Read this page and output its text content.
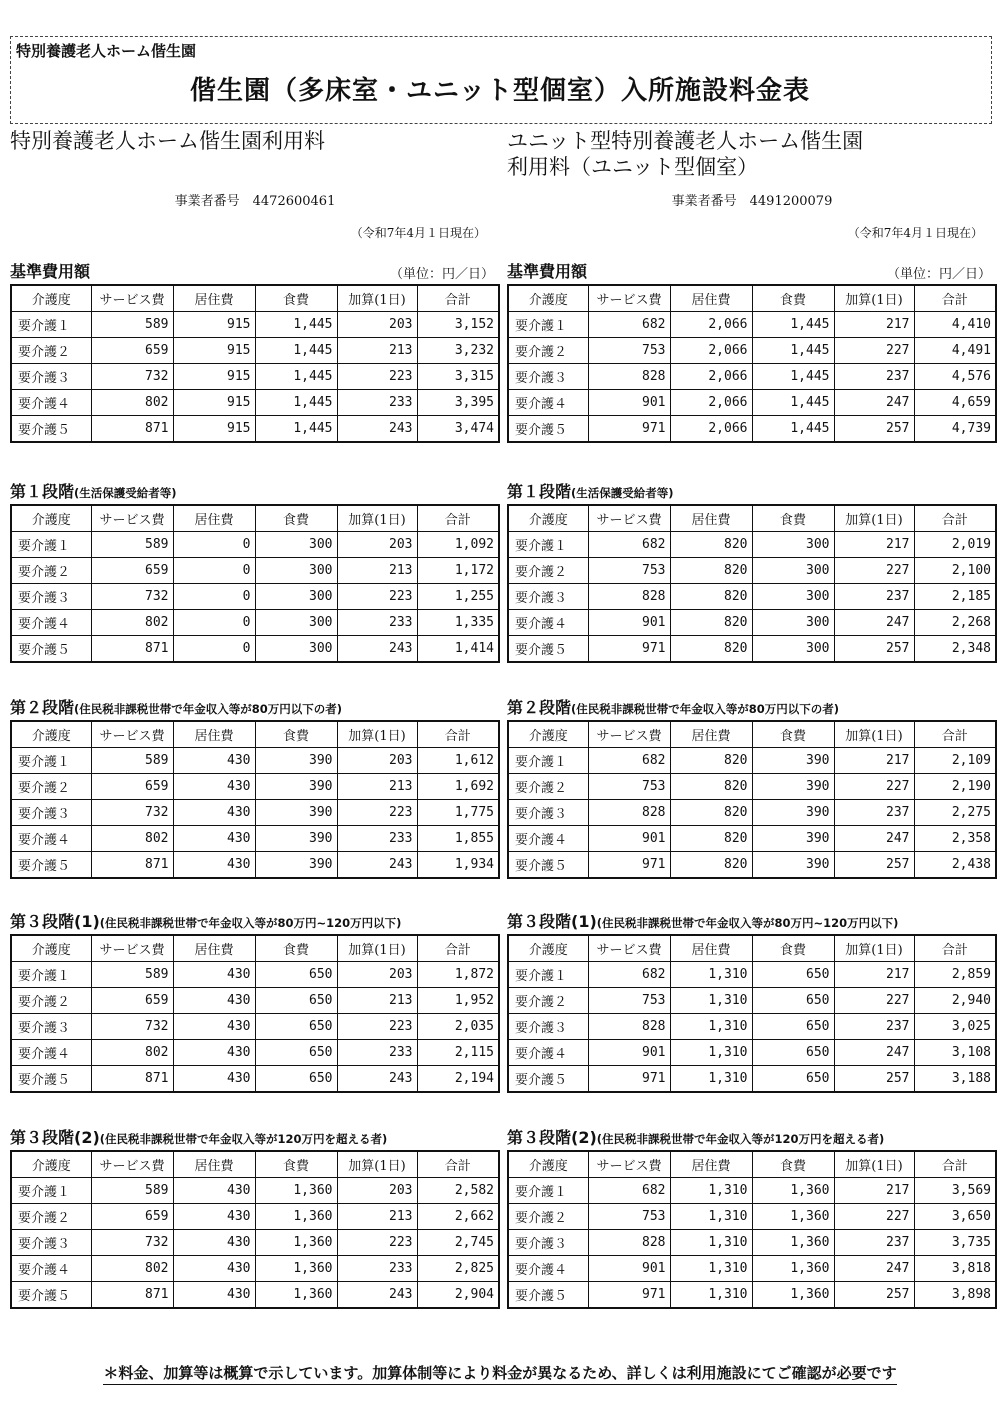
特別養護老人ホーム偕生園
偕生園（多床室・ユニット型個室）入所施設料金表
特別養護老人ホーム偕生園利用料
事業者番号　4472600461
（令和7年4月１日現在）
ユニット型特別養護老人ホーム偕生園
利用料（ユニット型個室）
事業者番号　4491200079
（令和7年4月１日現在）
基準費用額	（単位：円／日）
介護度	サービス費	居住費	食費	加算(1日)	合計
要介護１	589	915	1,445	203	3,152
要介護２	659	915	1,445	213	3,232
要介護３	732	915	1,445	223	3,315
要介護４	802	915	1,445	233	3,395
要介護５	871	915	1,445	243	3,474
基準費用額	（単位：円／日）
介護度	サービス費	居住費	食費	加算(1日)	合計
要介護１	682	2,066	1,445	217	4,410
要介護２	753	2,066	1,445	227	4,491
要介護３	828	2,066	1,445	237	4,576
要介護４	901	2,066	1,445	247	4,659
要介護５	971	2,066	1,445	257	4,739
第１段階(生活保護受給者等)
介護度	サービス費	居住費	食費	加算(1日)	合計
要介護１	589	0	300	203	1,092
要介護２	659	0	300	213	1,172
要介護３	732	0	300	223	1,255
要介護４	802	0	300	233	1,335
要介護５	871	0	300	243	1,414
第１段階(生活保護受給者等)
介護度	サービス費	居住費	食費	加算(1日)	合計
要介護１	682	820	300	217	2,019
要介護２	753	820	300	227	2,100
要介護３	828	820	300	237	2,185
要介護４	901	820	300	247	2,268
要介護５	971	820	300	257	2,348
第２段階(住民税非課税世帯で年金収入等が80万円以下の者)
介護度	サービス費	居住費	食費	加算(1日)	合計
要介護１	589	430	390	203	1,612
要介護２	659	430	390	213	1,692
要介護３	732	430	390	223	1,775
要介護４	802	430	390	233	1,855
要介護５	871	430	390	243	1,934
第２段階(住民税非課税世帯で年金収入等が80万円以下の者)
介護度	サービス費	居住費	食費	加算(1日)	合計
要介護１	682	820	390	217	2,109
要介護２	753	820	390	227	2,190
要介護３	828	820	390	237	2,275
要介護４	901	820	390	247	2,358
要介護５	971	820	390	257	2,438
第３段階(1)(住民税非課税世帯で年金収入等が80万円~120万円以下)
介護度	サービス費	居住費	食費	加算(1日)	合計
要介護１	589	430	650	203	1,872
要介護２	659	430	650	213	1,952
要介護３	732	430	650	223	2,035
要介護４	802	430	650	233	2,115
要介護５	871	430	650	243	2,194
第３段階(1)(住民税非課税世帯で年金収入等が80万円~120万円以下)
介護度	サービス費	居住費	食費	加算(1日)	合計
要介護１	682	1,310	650	217	2,859
要介護２	753	1,310	650	227	2,940
要介護３	828	1,310	650	237	3,025
要介護４	901	1,310	650	247	3,108
要介護５	971	1,310	650	257	3,188
第３段階(2)(住民税非課税世帯で年金収入等が120万円を超える者)
介護度	サービス費	居住費	食費	加算(1日)	合計
要介護１	589	430	1,360	203	2,582
要介護２	659	430	1,360	213	2,662
要介護３	732	430	1,360	223	2,745
要介護４	802	430	1,360	233	2,825
要介護５	871	430	1,360	243	2,904
第３段階(2)(住民税非課税世帯で年金収入等が120万円を超える者)
介護度	サービス費	居住費	食費	加算(1日)	合計
要介護１	682	1,310	1,360	217	3,569
要介護２	753	1,310	1,360	227	3,650
要介護３	828	1,310	1,360	237	3,735
要介護４	901	1,310	1,360	247	3,818
要介護５	971	1,310	1,360	257	3,898
＊料金、加算等は概算で示しています。加算体制等により料金が異なるため、詳しくは利用施設にてご確認が必要です
